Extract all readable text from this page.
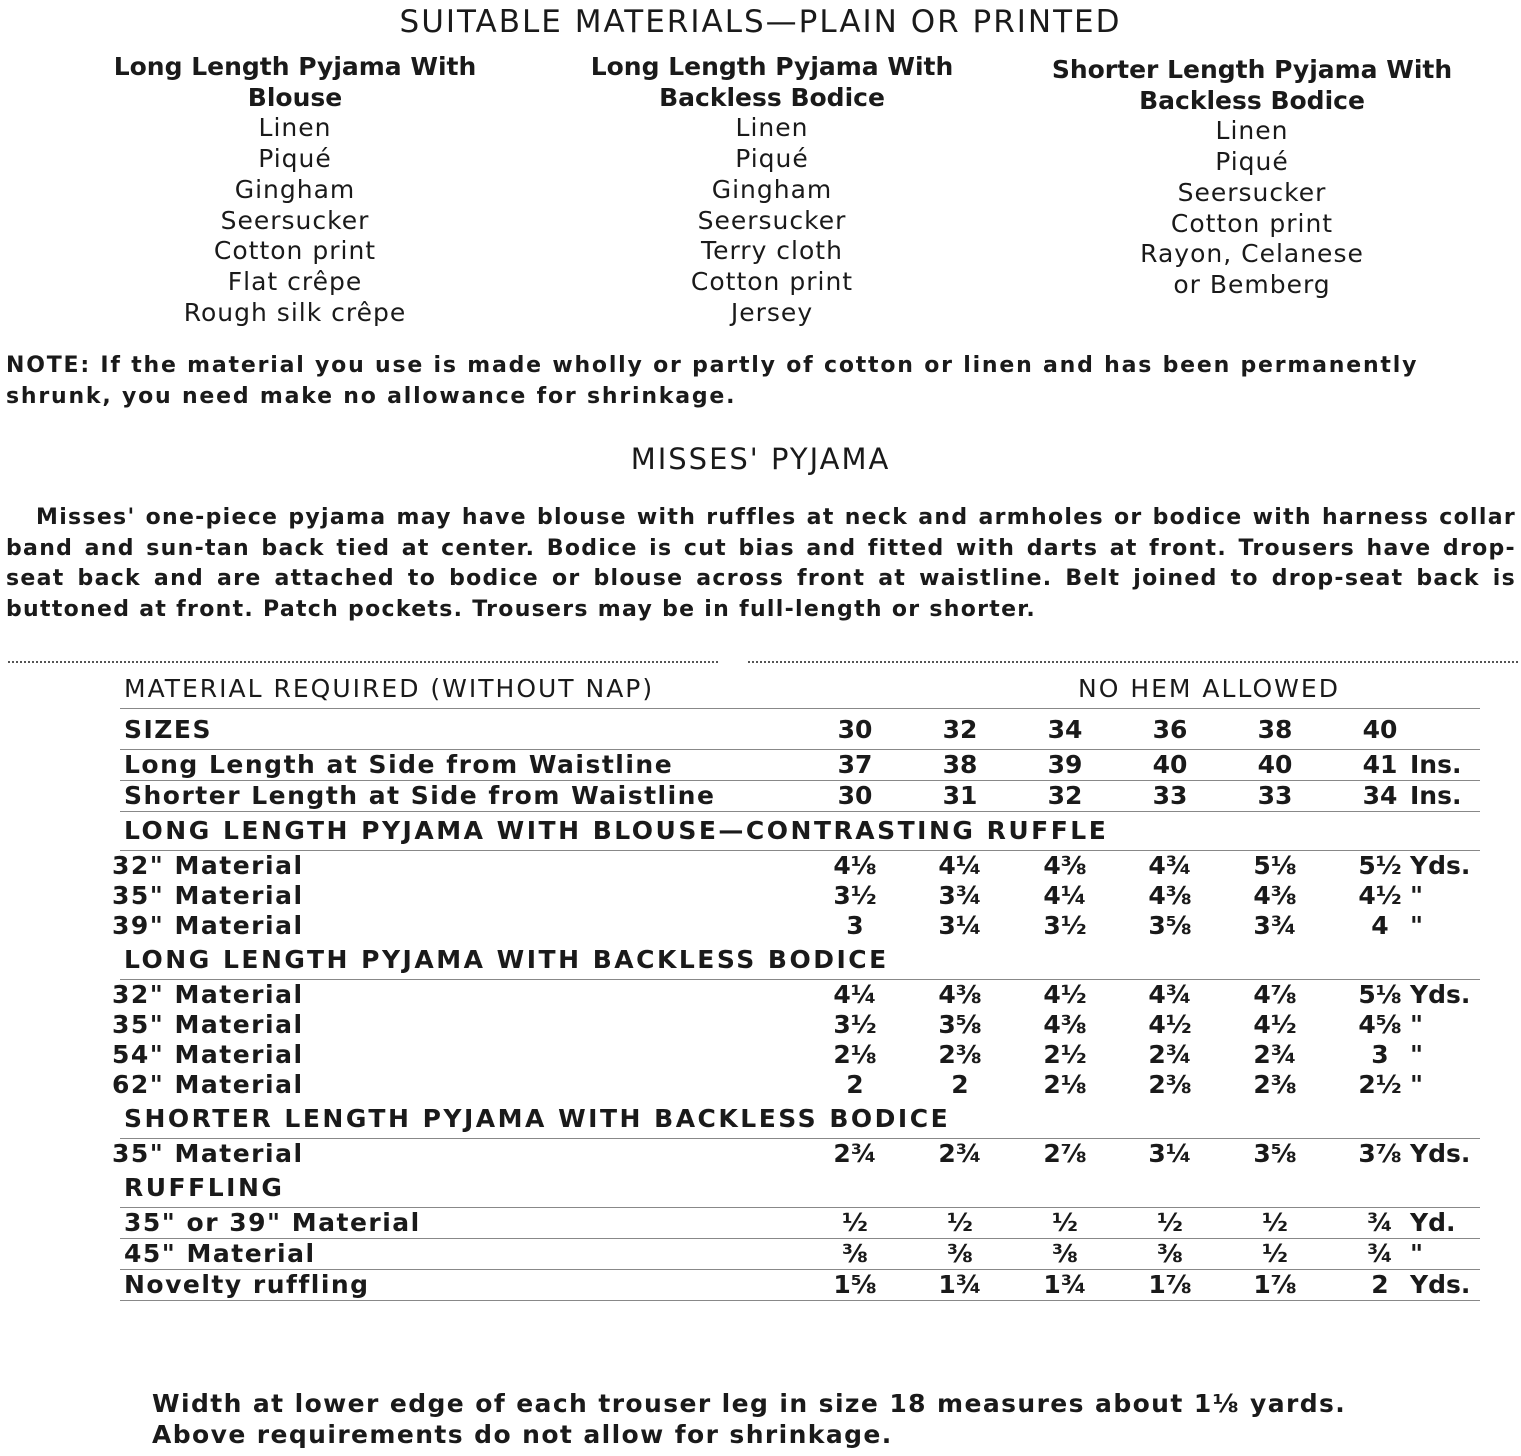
SUITABLE MATERIALS—PLAIN OR PRINTED
Long Length Pyjama With
Blouse
Linen
Piqué
Gingham
Seersucker
Cotton print
Flat crêpe
Rough silk crêpe
Long Length Pyjama With
Backless Bodice
Linen
Piqué
Gingham
Seersucker
Terry cloth
Cotton print
Jersey
Shorter Length Pyjama With
Backless Bodice
Linen
Piqué
Seersucker
Cotton print
Rayon, Celanese
or Bemberg

NOTE: If the material you use is made wholly or partly of cotton or linen and has been permanently shrunk, you need make no allowance for shrinkage.

MISSES' PYJAMA

Misses' one-piece pyjama may have blouse with ruffles at neck and armholes or bodice with harness collar band and sun-tan back tied at center. Bodice is cut bias and fitted with darts at front. Trousers have drop-seat back and are attached to bodice or blouse across front at waistline. Belt joined to drop-seat back is buttoned at front. Patch pockets. Trousers may be in full-length or shorter.

MATERIAL REQUIRED (WITHOUT NAP)	NO HEM ALLOWED
SIZES	30	32	34	36	38	40
Long Length at Side from Waistline	37	38	39	40	40	41 Ins.
Shorter Length at Side from Waistline	30	31	32	33	33	34 Ins.
LONG LENGTH PYJAMA WITH BLOUSE—CONTRASTING RUFFLE
32" Material	4⅛	4¼	4⅜	4¾	5⅛	5½ Yds.
35" Material	3½	3¾	4¼	4⅜	4⅜	4½ "
39" Material	3	3¼	3½	3⅝	3¾	4 "
LONG LENGTH PYJAMA WITH BACKLESS BODICE
32" Material	4¼	4⅜	4½	4¾	4⅞	5⅛ Yds.
35" Material	3½	3⅝	4⅜	4½	4½	4⅝ "
54" Material	2⅛	2⅜	2½	2¾	2¾	3 "
62" Material	2	2	2⅛	2⅜	2⅜	2½ "
SHORTER LENGTH PYJAMA WITH BACKLESS BODICE
35" Material	2¾	2¾	2⅞	3¼	3⅝	3⅞ Yds.
RUFFLING
35" or 39" Material	½	½	½	½	½	¾ Yd.
45" Material	⅜	⅜	⅜	⅜	½	¾ "
Novelty ruffling	1⅝	1¾	1¾	1⅞	1⅞	2 Yds.
Width at lower edge of each trouser leg in size 18 measures about 1⅛ yards.
Above requirements do not allow for shrinkage.
